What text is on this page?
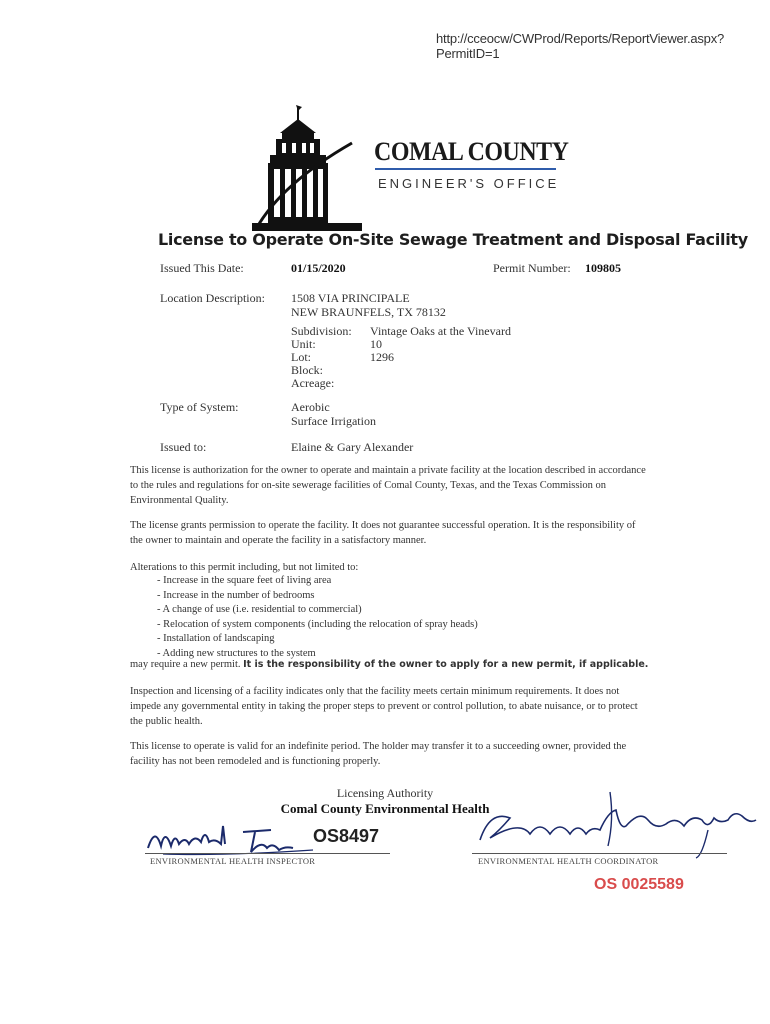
http://cceocw/CWProd/Reports/ReportViewer.aspx?PermitID=1
COMAL COUNTY
ENGINEER'S OFFICE
License to Operate On-Site Sewage Treatment and Disposal Facility
Issued This Date:	01/15/2020	Permit Number: 109805
Location Description: 1508 VIA PRINCIPALE
NEW BRAUNFELS, TX 78132
Subdivision: Vintage Oaks at the Vinevard
Unit:	10
Lot:	1296
Block:
Acreage:
Type of System:	Aerobic
Surface Irrigation
Issued to:	Elaine & Gary Alexander
This license is authorization for the owner to operate and maintain a private facility at the location described in accordance to the rules and regulations for on-site sewerage facilities of Comal County, Texas, and the Texas Commission on Environmental Quality.
The license grants permission to operate the facility. It does not guarantee successful operation. It is the responsibility of the owner to maintain and operate the facility in a satisfactory manner.
Alterations to this permit including, but not limited to:
- Increase in the square feet of living area
- Increase in the number of bedrooms
- A change of use (i.e. residential to commercial)
- Relocation of system components (including the relocation of spray heads)
- Installation of landscaping
- Adding new structures to the system
may require a new permit. It is the responsibility of the owner to apply for a new permit, if applicable.
Inspection and licensing of a facility indicates only that the facility meets certain minimum requirements. It does not impede any governmental entity in taking the proper steps to prevent or control pollution, to abate nuisance, or to protect the public health.
This license to operate is valid for an indefinite period. The holder may transfer it to a succeeding owner, provided the facility has not been remodeled and is functioning properly.
Licensing Authority
Comal County Environmental Health
OS8497
ENVIRONMENTAL HEALTH INSPECTOR	ENVIRONMENTAL HEALTH COORDINATOR
OS 0025589
